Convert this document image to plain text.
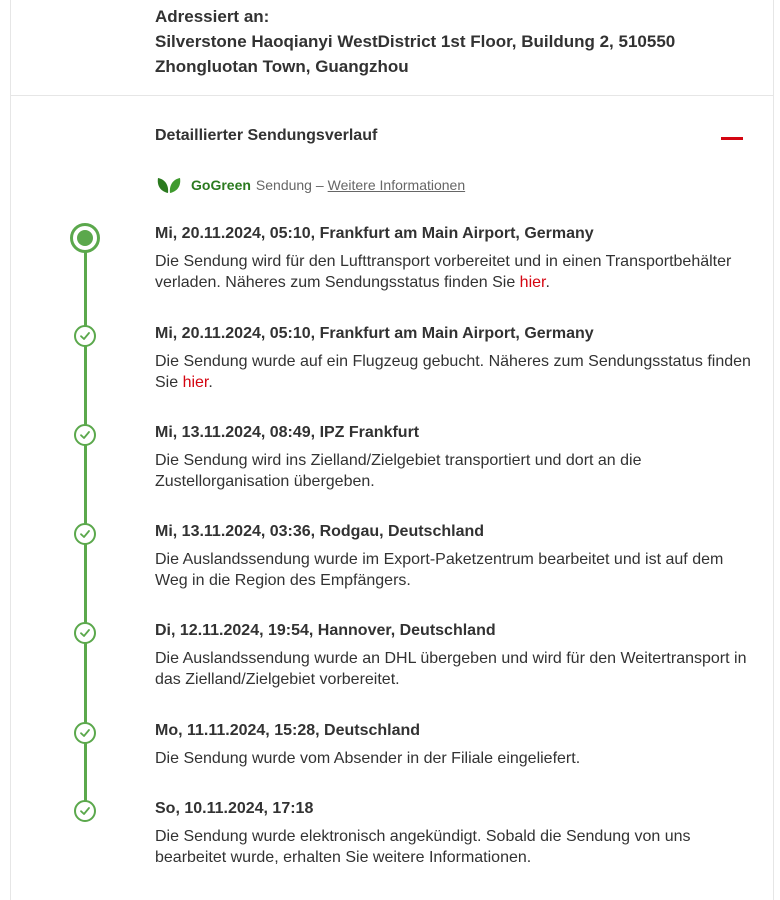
Adressiert an:
Silverstone Haoqianyi WestDistrict 1st Floor, Buildung 2, 510550
Zhongluotan Town, Guangzhou
Detaillierter Sendungsverlauf
GoGreen Sendung – Weitere Informationen
Mi, 20.11.2024, 05:10, Frankfurt am Main Airport, Germany
Die Sendung wird für den Lufttransport vorbereitet und in einen Transportbehälter verladen. Näheres zum Sendungsstatus finden Sie hier.
Mi, 20.11.2024, 05:10, Frankfurt am Main Airport, Germany
Die Sendung wurde auf ein Flugzeug gebucht. Näheres zum Sendungsstatus finden Sie hier.
Mi, 13.11.2024, 08:49, IPZ Frankfurt
Die Sendung wird ins Zielland/Zielgebiet transportiert und dort an die Zustellorganisation übergeben.
Mi, 13.11.2024, 03:36, Rodgau, Deutschland
Die Auslandssendung wurde im Export-Paketzentrum bearbeitet und ist auf dem Weg in die Region des Empfängers.
Di, 12.11.2024, 19:54, Hannover, Deutschland
Die Auslandssendung wurde an DHL übergeben und wird für den Weitertransport in das Zielland/Zielgebiet vorbereitet.
Mo, 11.11.2024, 15:28, Deutschland
Die Sendung wurde vom Absender in der Filiale eingeliefert.
So, 10.11.2024, 17:18
Die Sendung wurde elektronisch angekündigt. Sobald die Sendung von uns bearbeitet wurde, erhalten Sie weitere Informationen.
